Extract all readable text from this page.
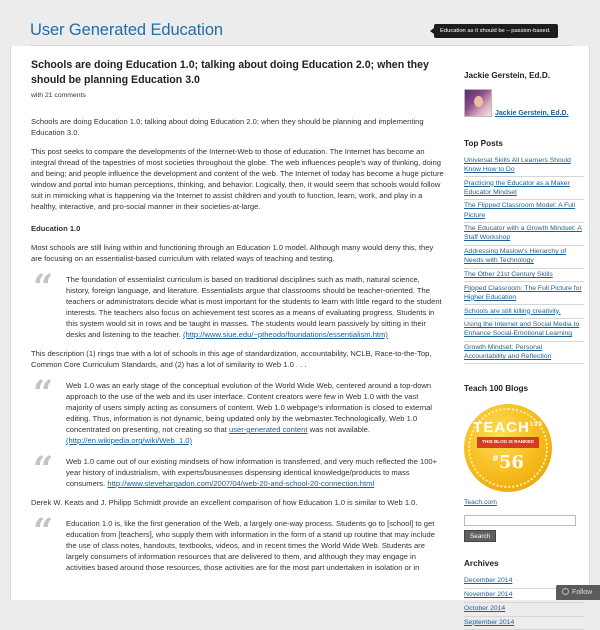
User Generated Education	Education as it should be – passion-based.
Schools are doing Education 1.0; talking about doing Education 2.0; when they should be planning Education 3.0
with 21 comments

Schools are doing Education 1.0; talking about doing Education 2.0; when they should be planning and implementing Education 3.0.

This post seeks to compare the developments of the Internet-Web to those of education. The Internet has become an integral thread of the tapestries of most societies throughout the globe. The web influences people's way of thinking, doing and being; and people influence the development and content of the web. The Internet of today has become a huge picture window and portal into human perceptions, thinking, and behavior. Logically, then, it would seem that schools would follow suit in mimicking what is happening via the Internet to assist children and youth to function, learn, work, and play in a healthy, interactive, and pro-social manner in their societies-at-large.

Education 1.0

Most schools are still living within and functioning through an Education 1.0 model. Although many would deny this, they are focusing on an essentialist-based curriculum with related ways of teaching and testing.

“ The foundation of essentialist curriculum is based on traditional disciplines such as math, natural science, history, foreign language, and literature. Essentialists argue that classrooms should be teacher-oriented. The teachers or administrators decide what is most important for the students to learn with little regard to the student interests. The teachers also focus on achievement test scores as a means of evaluating progress. Students in this system would sit in rows and be taught in masses. The students would learn passively by sitting in their desks and listening to the teacher. (http://www.siue.edu/~ptheodo/foundations/essentialism.htm)

This description (1) rings true with a lot of schools in this age of standardization, accountability, NCLB, Race-to-the-Top, Common Core Curriculum Standards, and (2) has a lot of similarity to Web 1.0 . . .

“ Web 1.0 was an early stage of the conceptual evolution of the World Wide Web, centered around a top-down approach to the use of the web and its user interface. Content creators were few in Web 1.0 with the vast majority of users simply acting as consumers of content. Web 1.0 webpage's information is closed to external editing. Thus, information is not dynamic, being updated only by the webmaster.Technologically, Web 1.0 concentrated on presenting, not creating so that user-generated content was not available. (http://en.wikipedia.org/wiki/Web_1.0)

“ Web 1.0 came out of our existing mindsets of how information is transferred, and very much reflected the 100+ year history of industrialism, with experts/businesses dispensing identical knowledge/products to mass consumers. http://www.stevehargadon.com/2007/04/web-20-and-school-20-connection.html

Derek W. Keats and J. Philipp Schmidt provide an excellent comparison of how Education 1.0 is similar to Web 1.0.

“ Education 1.0 is, like the first generation of the Web, a largely one-way process. Students go to [school] to get education from [teachers], who supply them with information in the form of a stand up routine that may include the use of class notes, handouts, textbooks, videos, and in recent times the World Wide Web. Students are largely consumers of information resources that are delivered to them, and although they may engage in activities based around those resources, those activities are for the most part undertaken in isolation or in

Jackie Gerstein, Ed.D.
Jackie Gerstein, Ed.D.
Top Posts
Universal Skills All Learners Should Know How to Do
Practicing the Educator as a Maker Educator Mindset
The Flipped Classroom Model: A Full Picture
The Educator with a Growth Mindset: A Staff Workshop
Addressing Maslow's Hierarchy of Needs with Technology
The Other 21st Century Skills
Flipped Classroom: The Full Picture for Higher Education
Schools are still killing creativity.
Using the Internet and Social Media to Enhance Social-Emotional Learning
Growth Mindset: Personal Accountability and Reflection
Teach 100 Blogs
TEACH$^{100}$
THIS BLOG IS RANKED
#56
Teach.com
Search
Archives
December 2014
November 2014
October 2014
September 2014
Follow
